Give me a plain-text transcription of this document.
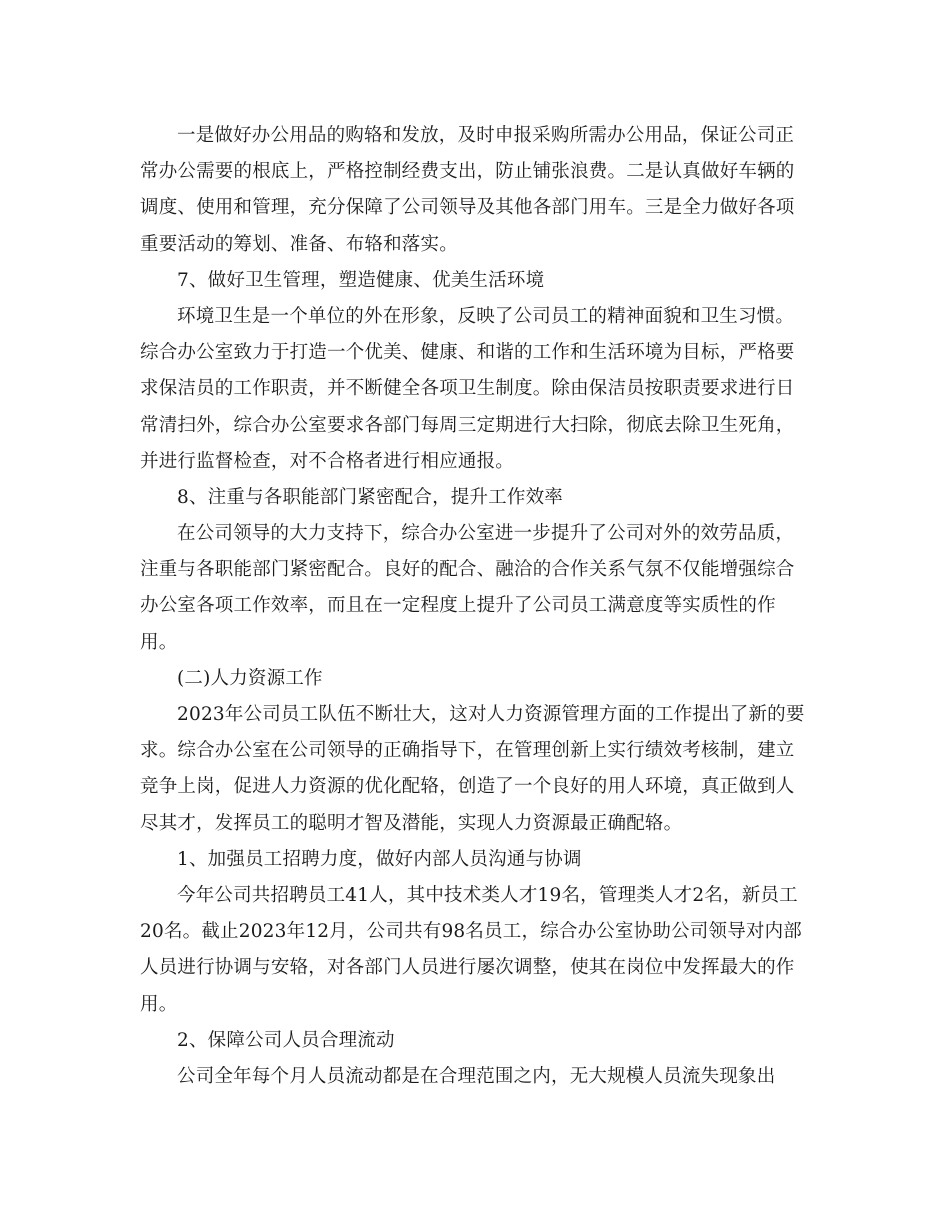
一是做好办公用品的购辂和发放，及时申报采购所需办公用品，保证公司正
常办公需要的根底上，严格控制经费支出，防止铺张浪费。二是认真做好车辆的
调度、使用和管理，充分保障了公司领导及其他各部门用车。三是全力做好各项
重要活动的筹划、准备、布辂和落实。
7、做好卫生管理，塑造健康、优美生活环境
环境卫生是一个单位的外在形象，反映了公司员工的精神面貌和卫生习惯。
综合办公室致力于打造一个优美、健康、和谐的工作和生活环境为目标，严格要
求保洁员的工作职责，并不断健全各项卫生制度。除由保洁员按职责要求进行日
常清扫外，综合办公室要求各部门每周三定期进行大扫除，彻底去除卫生死角，
并进行监督检查，对不合格者进行相应通报。
8、注重与各职能部门紧密配合，提升工作效率
在公司领导的大力支持下，综合办公室进一步提升了公司对外的效劳品质，
注重与各职能部门紧密配合。良好的配合、融洽的合作关系气氛不仅能增强综合
办公室各项工作效率，而且在一定程度上提升了公司员工满意度等实质性的作
用。
(二)人力资源工作
2023年公司员工队伍不断壮大，这对人力资源管理方面的工作提出了新的要
求。综合办公室在公司领导的正确指导下，在管理创新上实行绩效考核制，建立
竞争上岗，促进人力资源的优化配辂，创造了一个良好的用人环境，真正做到人
尽其才，发挥员工的聪明才智及潜能，实现人力资源最正确配辂。
1、加强员工招聘力度，做好内部人员沟通与协调
今年公司共招聘员工41人，其中技术类人才19名，管理类人才2名，新员工
20名。截止2023年12月，公司共有98名员工，综合办公室协助公司领导对内部
人员进行协调与安辂，对各部门人员进行屡次调整，使其在岗位中发挥最大的作
用。
2、保障公司人员合理流动
公司全年每个月人员流动都是在合理范围之内，无大规模人员流失现象出
